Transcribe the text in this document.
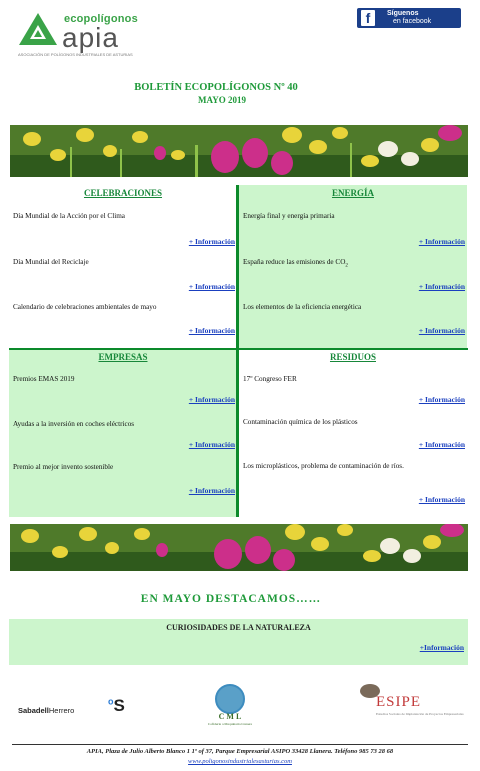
ecopolígonos
apia
ASOCIACIÓN DE POLÍGONOS INDUSTRIALES DE ASTURIAS
f	Síguenos
en facebook
BOLETÍN ECOPOLÍGONOS Nº 40
MAYO 2019
CELEBRACIONES
Día Mundial de la Acción por el Clima
+ Información
Día Mundial del Reciclaje
+ Información
Calendario de celebraciones ambientales de mayo
+ Información
ENERGÍA
Energía final y energía primaria
+ Información
España reduce las emisiones de $CO_2$
+ Información
Los elementos de la eficiencia energética
+ Información
EMPRESAS
Premios EMAS 2019
+ Información
Ayudas a la inversión en coches eléctricos
+ Información
Premio al mejor invento sostenible
+ Información
RESIDUOS
17º Congreso FER
+ Información
Contaminación química de los plásticos
+ Información
Los microplásticos, problema de contaminación de ríos.
+ Información
EN MAYO DESTACAMOS……
CURIOSIDADES DE LA NATURALEZA
+Información
SabadellHerrero
$^o$S
C M L
Cofidería a Maquinaria Llanera
ESIPE
Estudios Sociales de Implantación de Proyectos Empresariales
APIA, Plaza de Julio Alberto Blanco 1 1º of 37, Parque Empresarial ASIPO 33428 Llanera. Teléfono 985 73 28 68
www.poligonosindustrialesasturias.com
